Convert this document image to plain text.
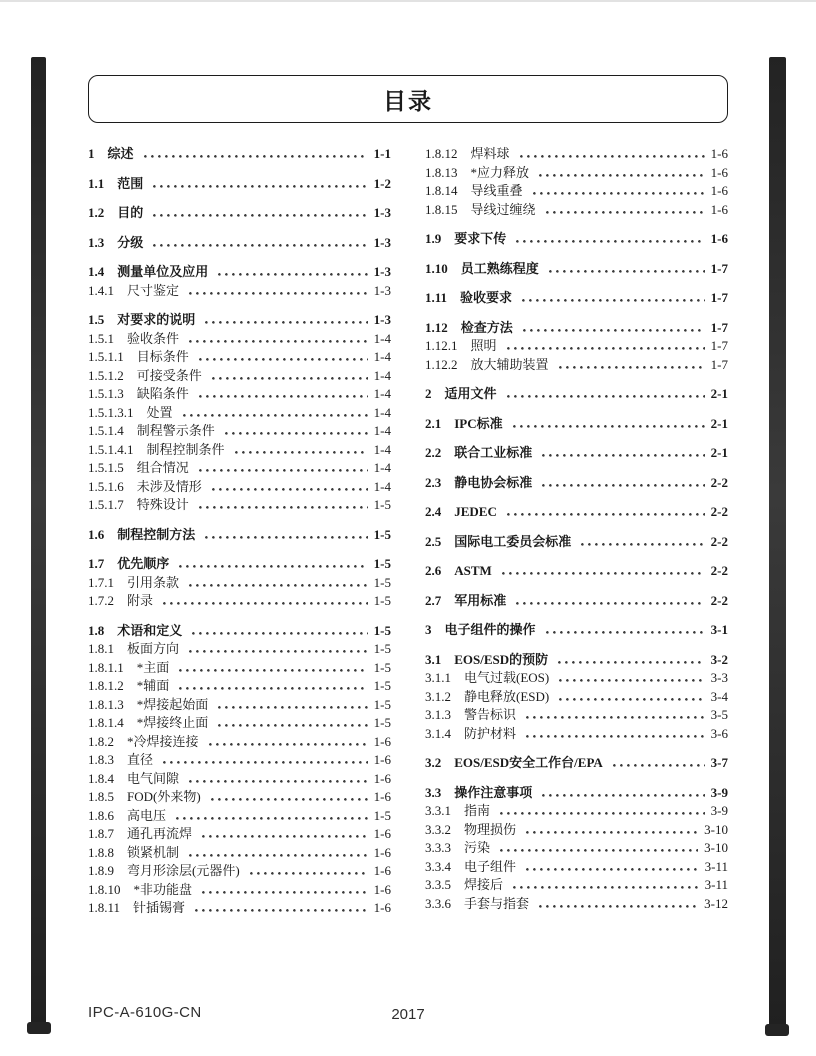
目录
1 综述	1-1
1.1 范围	1-2
1.2 目的	1-3
1.3 分级	1-3
1.4 测量单位及应用	1-3
1.4.1 尺寸鉴定	1-3
1.5 对要求的说明	1-3
1.5.1 验收条件	1-4
1.5.1.1 目标条件	1-4
1.5.1.2 可接受条件	1-4
1.5.1.3 缺陷条件	1-4
1.5.1.3.1 处置	1-4
1.5.1.4 制程警示条件	1-4
1.5.1.4.1 制程控制条件	1-4
1.5.1.5 组合情况	1-4
1.5.1.6 未涉及情形	1-4
1.5.1.7 特殊设计	1-5
1.6 制程控制方法	1-5
1.7 优先顺序	1-5
1.7.1 引用条款	1-5
1.7.2 附录	1-5
1.8 术语和定义	1-5
1.8.1 板面方向	1-5
1.8.1.1 *主面	1-5
1.8.1.2 *辅面	1-5
1.8.1.3 *焊接起始面	1-5
1.8.1.4 *焊接终止面	1-5
1.8.2 *冷焊接连接	1-6
1.8.3 直径	1-6
1.8.4 电气间隙	1-6
1.8.5 FOD(外来物)	1-6
1.8.6 高电压	1-5
1.8.7 通孔再流焊	1-6
1.8.8 锁紧机制	1-6
1.8.9 弯月形涂层(元器件)	1-6
1.8.10 *非功能盘	1-6
1.8.11 针插锡膏	1-6
1.8.12 焊料球	1-6
1.8.13 *应力释放	1-6
1.8.14 导线重叠	1-6
1.8.15 导线过缠绕	1-6
1.9 要求下传	1-6
1.10 员工熟练程度	1-7
1.11 验收要求	1-7
1.12 检查方法	1-7
1.12.1 照明	1-7
1.12.2 放大辅助装置	1-7
2 适用文件	2-1
2.1 IPC标准	2-1
2.2 联合工业标准	2-1
2.3 静电协会标准	2-2
2.4 JEDEC	2-2
2.5 国际电工委员会标准	2-2
2.6 ASTM	2-2
2.7 军用标准	2-2
3 电子组件的操作	3-1
3.1 EOS/ESD的预防	3-2
3.1.1 电气过载(EOS)	3-3
3.1.2 静电释放(ESD)	3-4
3.1.3 警告标识	3-5
3.1.4 防护材料	3-6
3.2 EOS/ESD安全工作台/EPA	3-7
3.3 操作注意事项	3-9
3.3.1 指南	3-9
3.3.2 物理损伤	3-10
3.3.3 污染	3-10
3.3.4 电子组件	3-11
3.3.5 焊接后	3-11
3.3.6 手套与指套	3-12
IPC-A-610G-CN	2017
